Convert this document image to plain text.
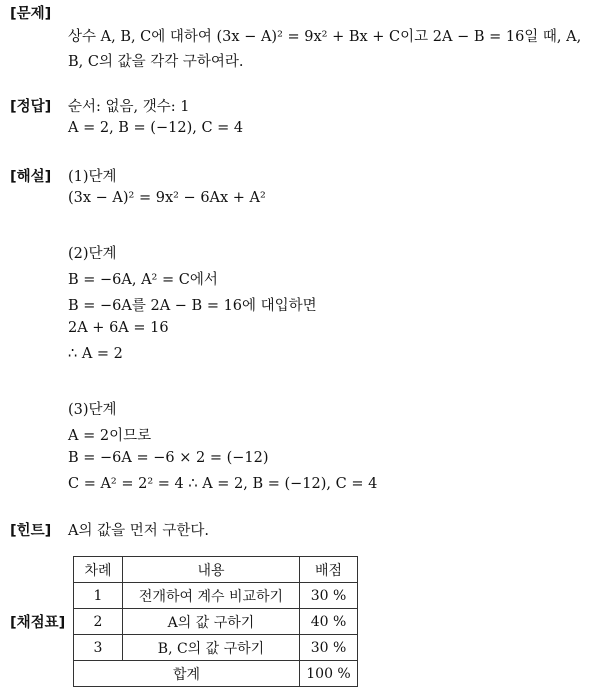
[문제]
상수 A, B, C에 대하여 (3x − A)² = 9x² + Bx + C이고 2A − B = 16일 때, A,
B, C의 값을 각각 구하여라.
[정답] 순서: 없음, 갯수: 1
A = 2, B = (−12), C = 4
[해설] (1)단계
(3x − A)² = 9x² − 6Ax + A²
(2)단계
B = −6A, A² = C에서
B = −6A를 2A − B = 16에 대입하면
2A + 6A = 16
∴ A = 2
(3)단계
A = 2이므로
B = −6A = −6 × 2 = (−12)
C = A² = 2² = 4 ∴ A = 2, B = (−12), C = 4
[힌트] A의 값을 먼저 구한다.
[채점표]
차례	내용	배점
1	전개하여 계수 비교하기	30 %
2	A의 값 구하기	40 %
3	B, C의 값 구하기	30 %
합계		100 %
